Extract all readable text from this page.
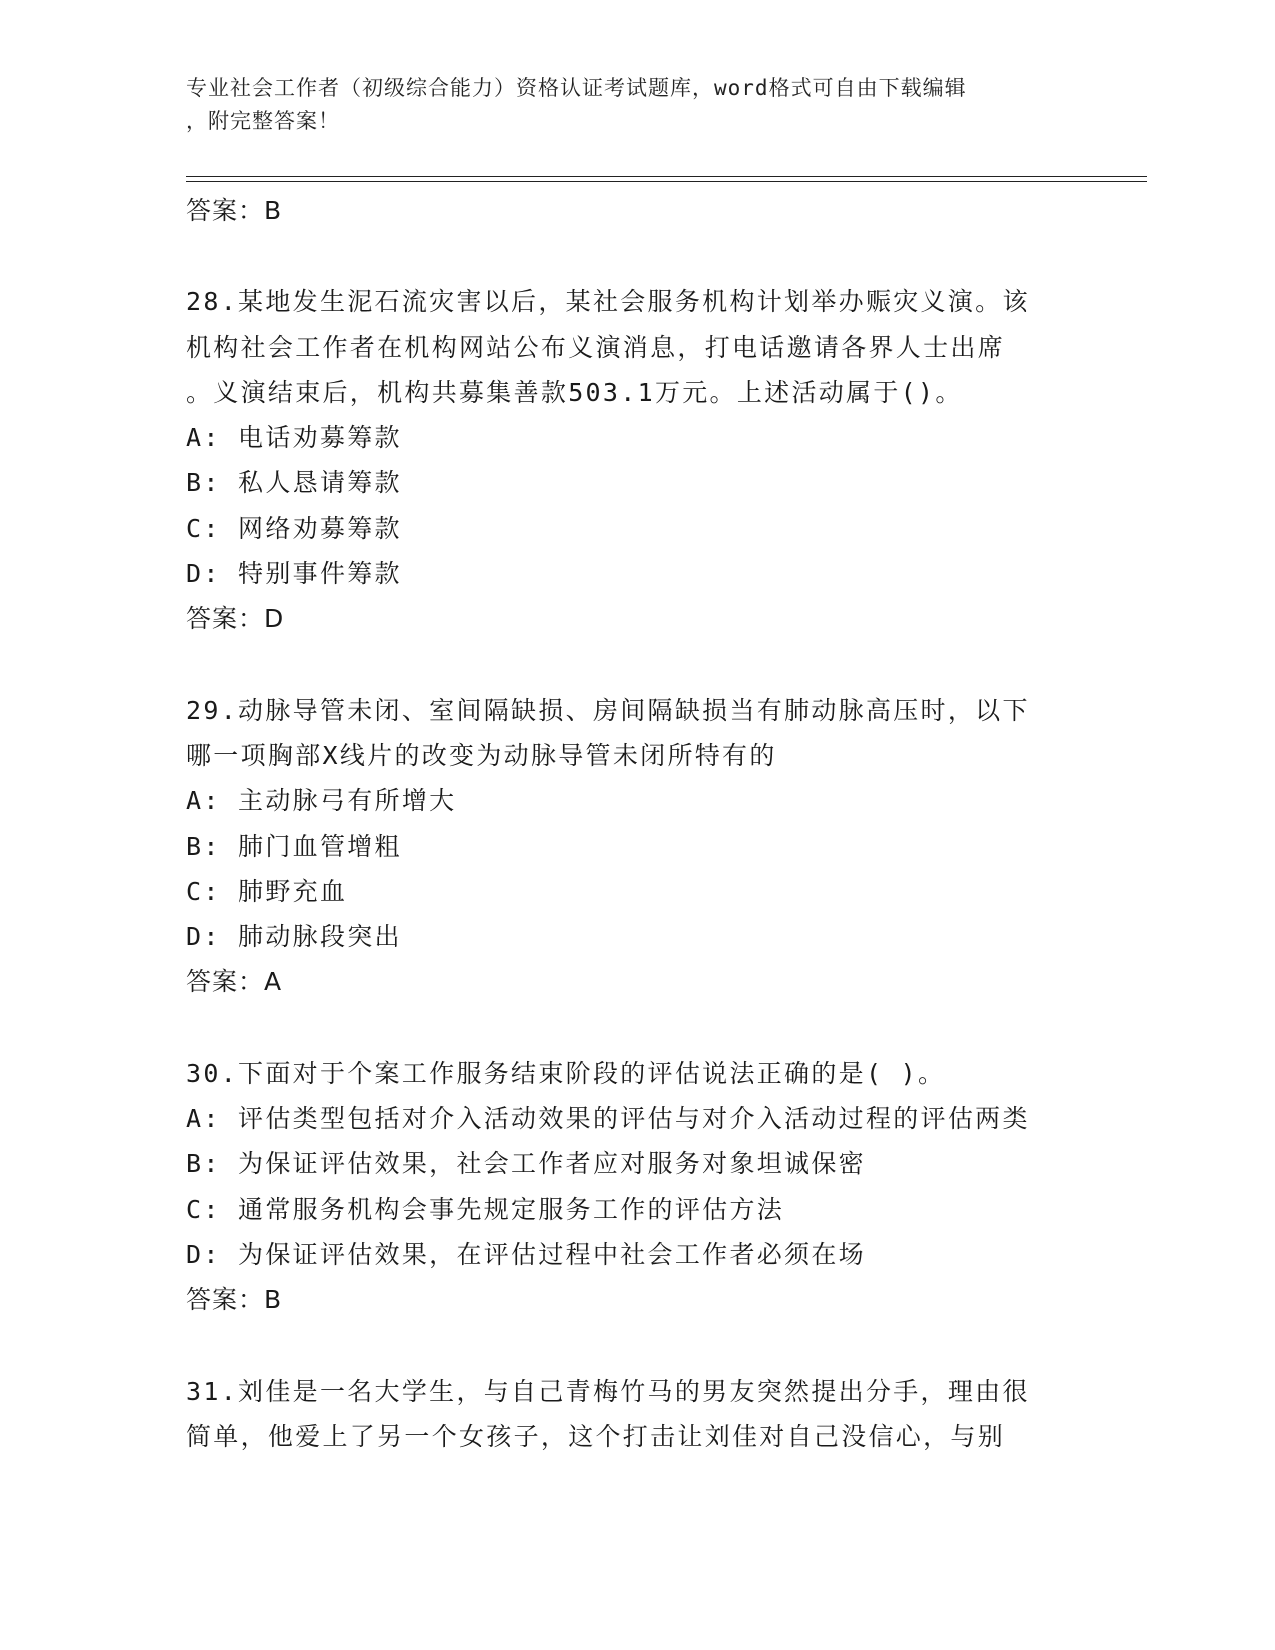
专业社会工作者（初级综合能力）资格认证考试题库，word格式可自由下载编辑
，附完整答案！
答案：B
28.某地发生泥石流灾害以后，某社会服务机构计划举办赈灾义演。该
机构社会工作者在机构网站公布义演消息，打电话邀请各界人士出席
。义演结束后，机构共募集善款503.1万元。上述活动属于()。
A: 电话劝募筹款
B: 私人恳请筹款
C: 网络劝募筹款
D: 特别事件筹款
答案：D
29.动脉导管未闭、室间隔缺损、房间隔缺损当有肺动脉高压时，以下
哪一项胸部X线片的改变为动脉导管未闭所特有的
A: 主动脉弓有所增大
B: 肺门血管增粗
C: 肺野充血
D: 肺动脉段突出
答案：A
30.下面对于个案工作服务结束阶段的评估说法正确的是( )。
A: 评估类型包括对介入活动效果的评估与对介入活动过程的评估两类
B: 为保证评估效果，社会工作者应对服务对象坦诚保密
C: 通常服务机构会事先规定服务工作的评估方法
D: 为保证评估效果，在评估过程中社会工作者必须在场
答案：B
31.刘佳是一名大学生，与自己青梅竹马的男友突然提出分手，理由很
简单，他爱上了另一个女孩子，这个打击让刘佳对自己没信心，与别
